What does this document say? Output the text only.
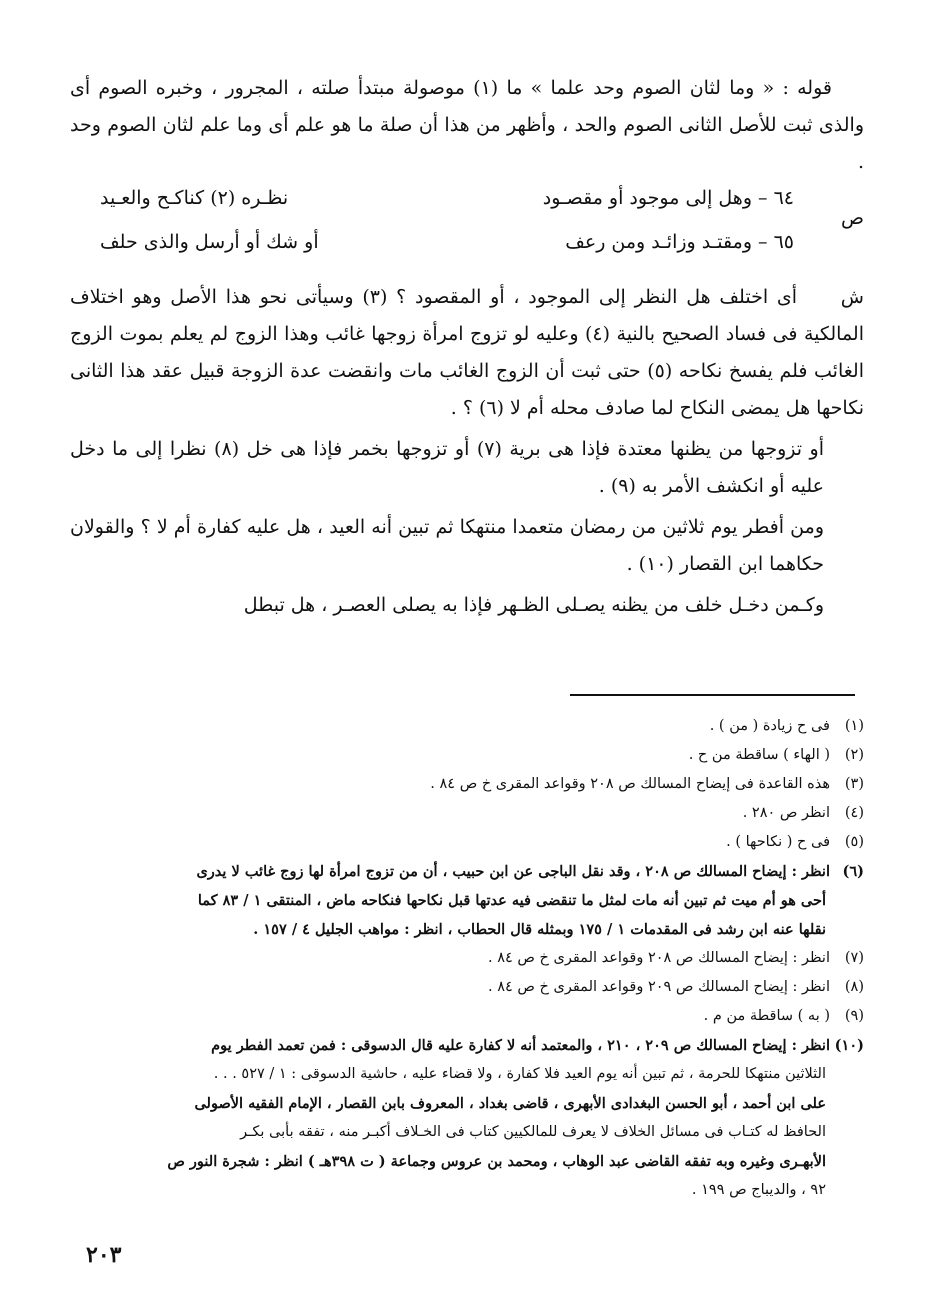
قوله : « وما لثان الصوم وحد علما » ما (١) موصولة مبتدأ صلته ، المجرور ، وخبره الصوم أى والذى ثبت للأصل الثانى الصوم والحد ، وأظهر من هذا أن صلة ما هو علم أى وما علم لثان الصوم وحد .

ص
٦٤ – وهل إلى موجود أو مقصـود
نظـره (٢) كناكـح والعـيد
٦٥ – ومقتـد وزائـد ومن رعف
أو شك أو أرسل والذى حلف

ش     أى اختلف هل النظر إلى الموجود ، أو المقصود ؟ (٣) وسيأتى نحو هذا الأصل وهو اختلاف المالكية فى فساد الصحيح بالنية (٤) وعليه لو تزوج امرأة زوجها غائب وهذا الزوج لم يعلم بموت الزوج الغائب فلم يفسخ نكاحه (٥) حتى ثبت أن الزوج الغائب مات وانقضت عدة الزوجة قبيل عقد هذا الثانى نكاحها هل يمضى النكاح لما صادف محله أم لا (٦) ؟ .

أو تزوجها من يظنها معتدة فإذا هى برية (٧) أو تزوجها بخمر فإذا هى خل (٨) نظرا إلى ما دخل عليه أو انكشف الأمر به (٩) .

ومن أفطر يوم ثلاثين من رمضان متعمدا منتهكا ثم تبين أنه العيد ، هل عليه كفارة أم لا ؟ والقولان حكاهما ابن القصار (١٠) .

وكـمن دخـل خلف من يظنه يصـلى الظـهر فإذا به يصلى العصـر ، هل تبطل

(١)فى ح زيادة ( من ) .

(٢)( الهاء ) ساقطة من ح .

(٣)هذه القاعدة فى إيضاح المسالك ص ٢٠٨ وقواعد المقرى خ ص ٨٤ .

(٤)انظر ص ٢٨٠ .

(٥)فى ح ( نكاحها ) .

(٦)انظر : إيضاح المسالك ص ٢٠٨ ، وقد نقل الباجى عن ابن حبيب ، أن من تزوج امرأة لها زوج غائب لا يدرى

أحى هو أم ميت ثم تبين أنه مات لمثل ما تنقضى فيه عدتها قبل نكاحها فنكاحه ماض ، المنتقى ١ / ٨٣ كما

نقلها عنه ابن رشد فى المقدمات ١ / ١٧٥ وبمثله قال الحطاب ، انظر : مواهب الجليل ٤ / ١٥٧ .

(٧)انظر : إيضاح المسالك ص ٢٠٨ وقواعد المقرى خ ص ٨٤ .

(٨)انظر : إيضاح المسالك ص ٢٠٩ وقواعد المقرى خ ص ٨٤ .

(٩)( به ) ساقطة من م .

(١٠)انظر : إيضاح المسالك ص ٢٠٩ ، ٢١٠ ، والمعتمد أنه لا كفارة عليه قال الدسوقى : فمن تعمد الفطر يوم

الثلاثين منتهكا للحرمة ، ثم تبين أنه يوم العيد فلا كفارة ، ولا قضاء عليه ، حاشية الدسوقى : ١ / ٥٢٧ . . .

على ابن أحمد ، أبو الحسن البغدادى الأبهرى ، قاضى بغداد ، المعروف بابن القصار ، الإمام الفقيه الأصولى

الحافظ له كتـاب فى مسائل الخلاف لا يعرف للمالكيين كتاب فى الخـلاف أكبـر منه ، تفقه بأبى بكـر

الأبهـرى وغيره وبه تفقه القاضى عبد الوهاب ، ومحمد بن عروس وجماعة ( ت ٣٩٨هـ ) انظر : شجرة النور ص

٩٢ ، والديباج ص ١٩٩ .

٢٠٣
